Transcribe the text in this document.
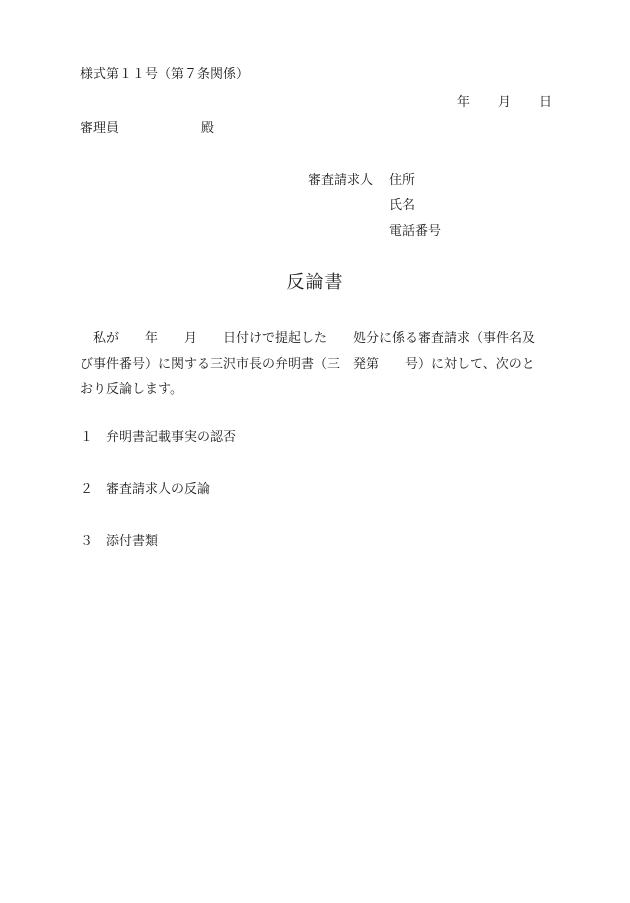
様式第１１号（第７条関係）
年 月 日
審理員	殿
審査請求人 住所
氏名
電話番号
反論書
　私が　　年　　月　　日付けで提起した　　処分に係る審査請求（事件名及
び事件番号）に関する三沢市長の弁明書（三　発第　　号）に対して、次のと
おり反論します。
１ 弁明書記載事実の認否
２ 審査請求人の反論
３ 添付書類
